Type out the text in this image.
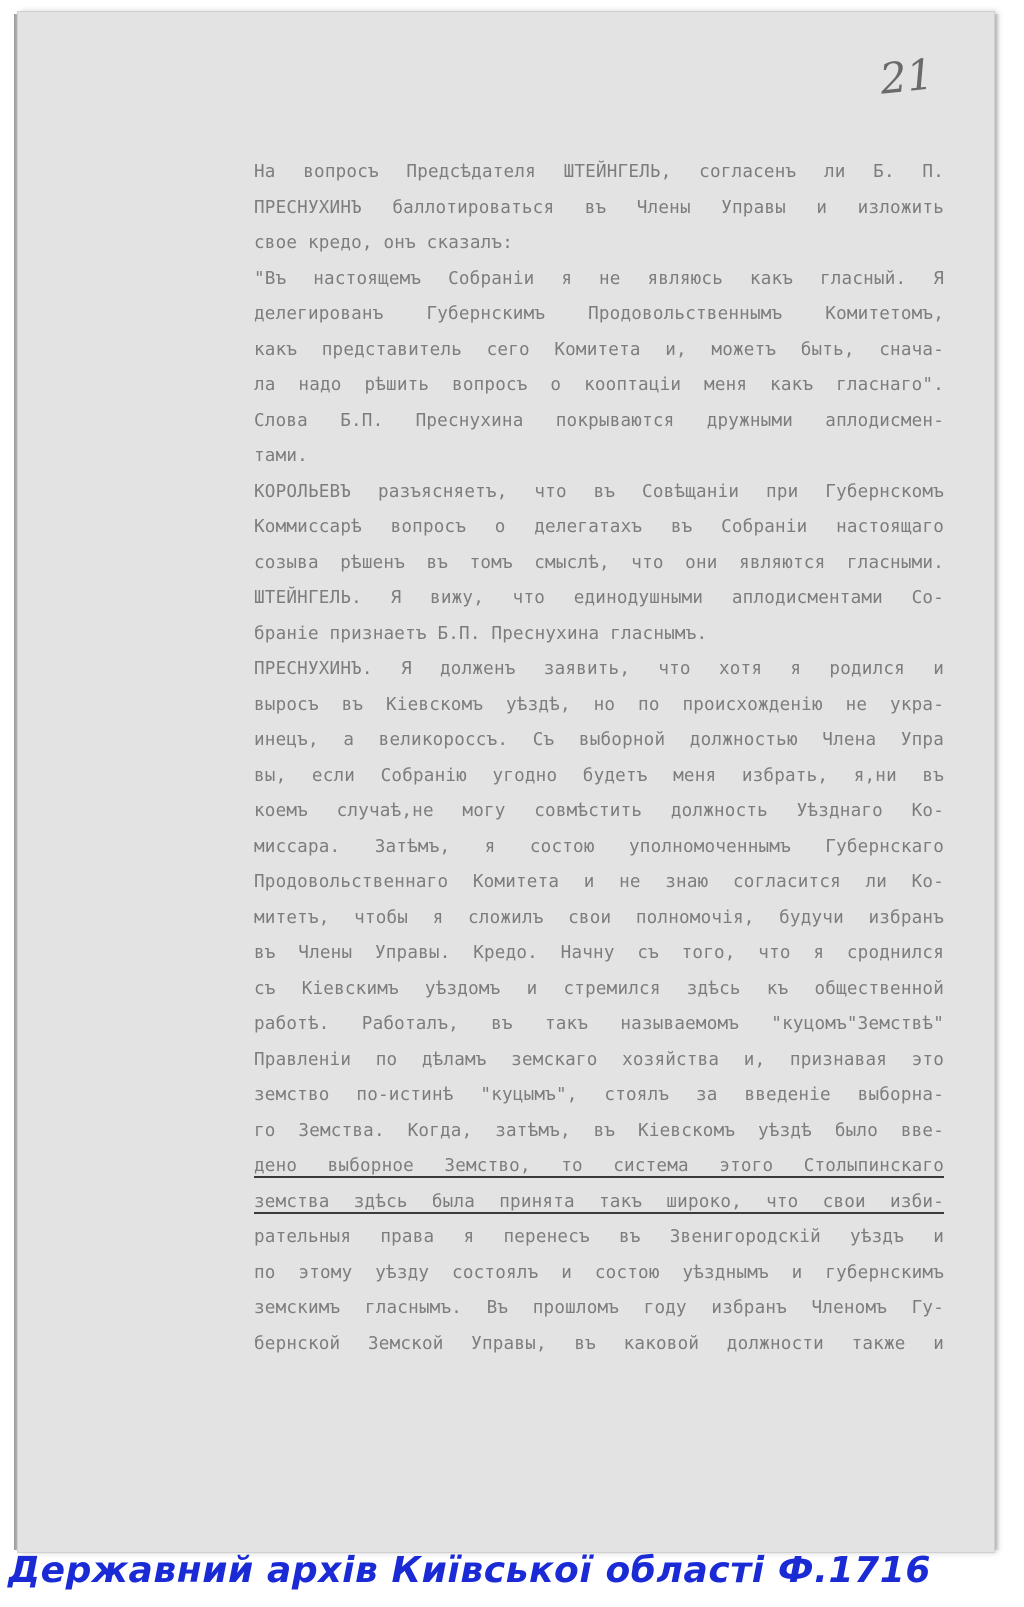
21
На вопросъ Предсѣдателя ШТЕЙНГЕЛЬ, согласенъ ли Б. П.
ПРЕСНУХИНЪ баллотироваться въ Члены Управы и изложить
свое кредо, онъ сказалъ:
"Въ настоящемъ Собраніи я не являюсь какъ гласный. Я
делегированъ Губернскимъ Продовольственнымъ Комитетомъ,
какъ представитель сего Комитета и, можетъ быть, снача-
ла надо рѣшить вопросъ о кооптаціи меня какъ гласнаго".
Слова Б.П. Преснухина покрываются дружными аплодисмен-
тами.
КОРОЛЬЕВЪ разъясняетъ, что въ Совѣщаніи при Губернскомъ
Коммиссарѣ вопросъ о делегатахъ въ Собраніи настоящаго
созыва рѣшенъ въ томъ смыслѣ, что они являются гласными.
ШТЕЙНГЕЛЬ. Я вижу, что единодушными аплодисментами Со-
браніе признаетъ Б.П. Преснухина гласнымъ.
ПРЕСНУХИНЪ. Я долженъ заявить, что хотя я родился и
выросъ въ Кіевскомъ уѣздѣ, но по происхожденію не укра-
инецъ, а великороссъ. Съ выборной должностью Члена Упра
вы, если Собранію угодно будетъ меня избрать, я,ни въ
коемъ случаѣ,не могу совмѣстить должность Уѣзднаго Ко-
миссара. Затѣмъ, я состою уполномоченнымъ Губернскаго
Продовольственнаго Комитета и не знаю согласится ли Ко-
митетъ, чтобы я сложилъ свои полномочія, будучи избранъ
въ Члены Управы. Кредо. Начну съ того, что я сроднился
съ Кіевскимъ уѣздомъ и стремился здѣсь къ общественной
работѣ. Работалъ, въ такъ называемомъ "куцомъ"Земствѣ"
Правленіи по дѣламъ земскаго хозяйства и, признавая это
земство по-истинѣ "куцымъ", стоялъ за введеніе выборна-
го Земства. Когда, затѣмъ, въ Кіевскомъ уѣздѣ было вве-
дено выборное Земство, то система этого Столыпинскаго
земства здѣсь была принята такъ широко, что свои изби-
рательныя права я перенесъ въ Звенигородскій уѣздъ и
по этому уѣзду состоялъ и состою уѣзднымъ и губернскимъ
земскимъ гласнымъ. Въ прошломъ году избранъ Членомъ Гу-
бернской Земской Управы, въ каковой должности также и
Державний архів Київської області Ф.1716
